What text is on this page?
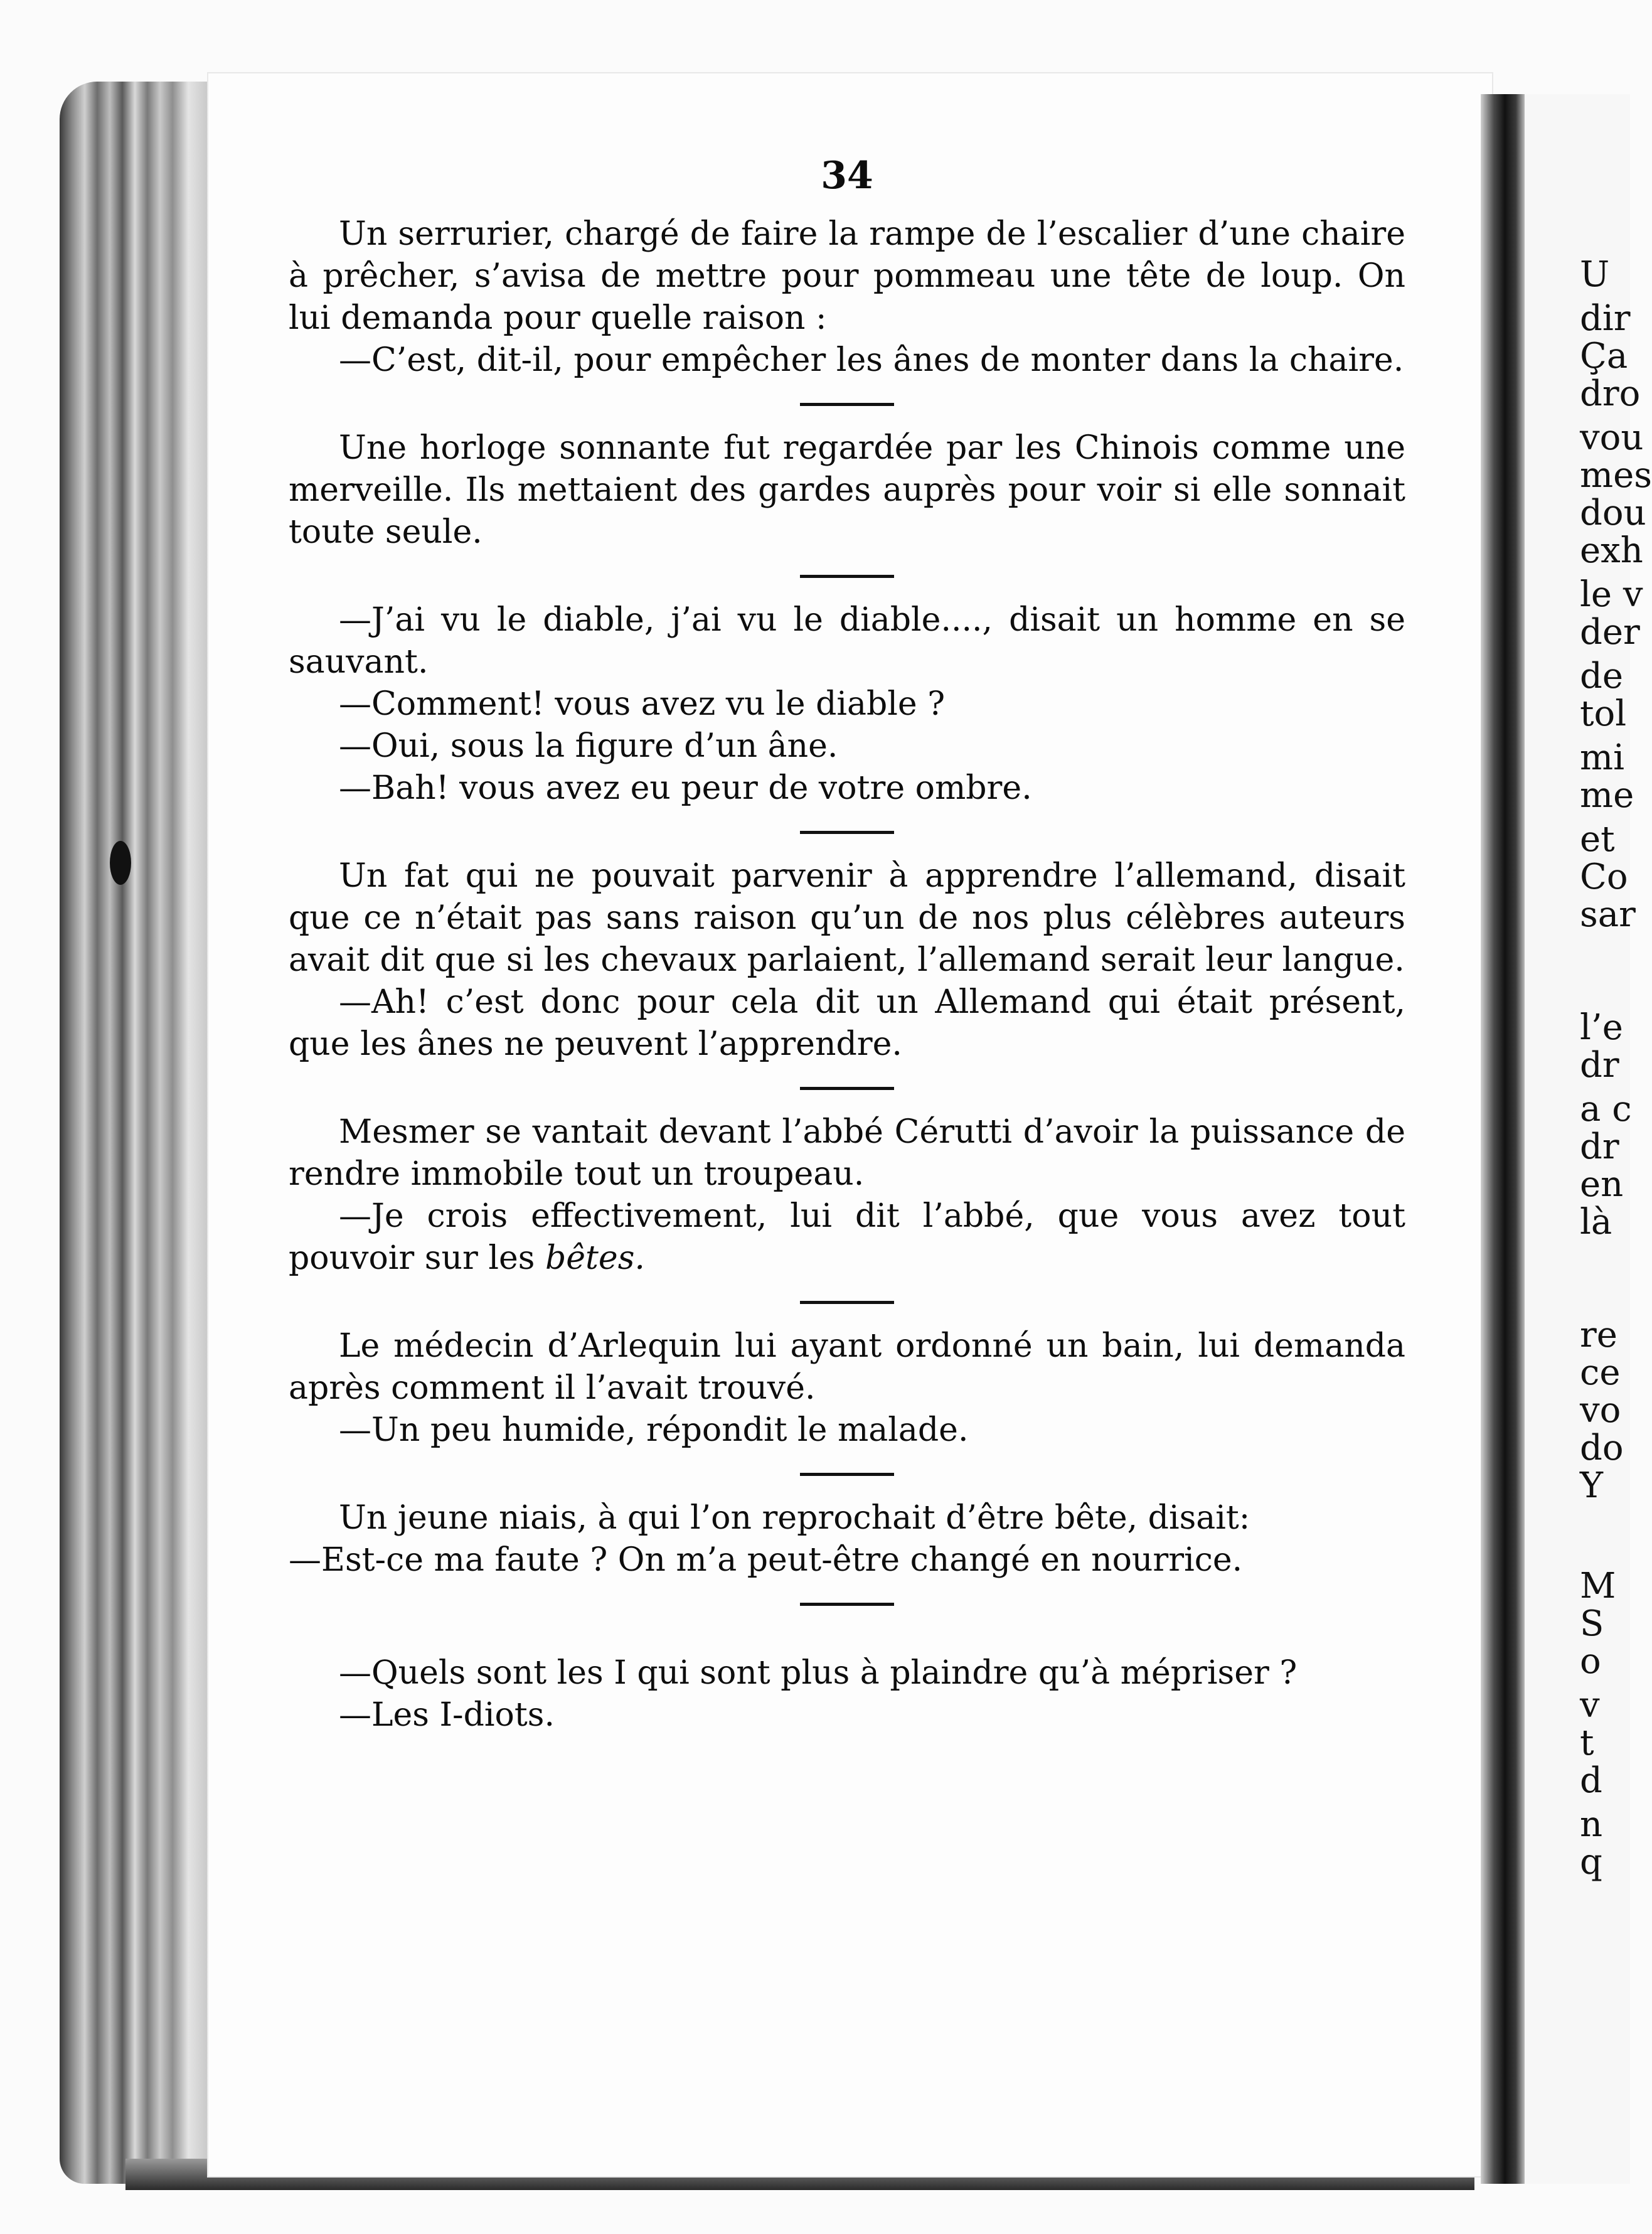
34

Un serrurier, chargé de faire la rampe de l’escalier d’une chaire à prêcher, s’avisa de mettre pour pommeau une tête de loup. On lui demanda pour quelle raison :

—C’est, dit-il, pour empêcher les ânes de monter dans la chaire.

Une horloge sonnante fut regardée par les Chinois comme une merveille. Ils mettaient des gardes auprès pour voir si elle sonnait toute seule.

—J’ai vu le diable, j’ai vu le diable...., disait un homme en se sauvant.

—Comment! vous avez vu le diable ?

—Oui, sous la figure d’un âne.

—Bah! vous avez eu peur de votre ombre.

Un fat qui ne pouvait parvenir à apprendre l’allemand, disait que ce n’était pas sans raison qu’un de nos plus célèbres auteurs avait dit que si les chevaux parlaient, l’allemand serait leur langue.

—Ah! c’est donc pour cela dit un Allemand qui était présent, que les ânes ne peuvent l’apprendre.

Mesmer se vantait devant l’abbé Cérutti d’avoir la puissance de rendre immobile tout un troupeau.

—Je crois effectivement, lui dit l’abbé, que vous avez tout pouvoir sur les bêtes.

Le médecin d’Arlequin lui ayant ordonné un bain, lui demanda après comment il l’avait trouvé.

—Un peu humide, répondit le malade.

Un jeune niais, à qui l’on reprochait d’être bête, disait:

—Est-ce ma faute ? On m’a peut-être changé en nourrice.

—Quels sont les I qui sont plus à plaindre qu’à mépriser ?

—Les I-diots.

U
dir
Ça
dro
vou
mes
dou
exh
le v
der
de
tol
mi
me
et
Co
sar
l’e
dr
a c
dr
en
là
re
ce
vo
do
Y
M
S
o
v
t
d
n
q
